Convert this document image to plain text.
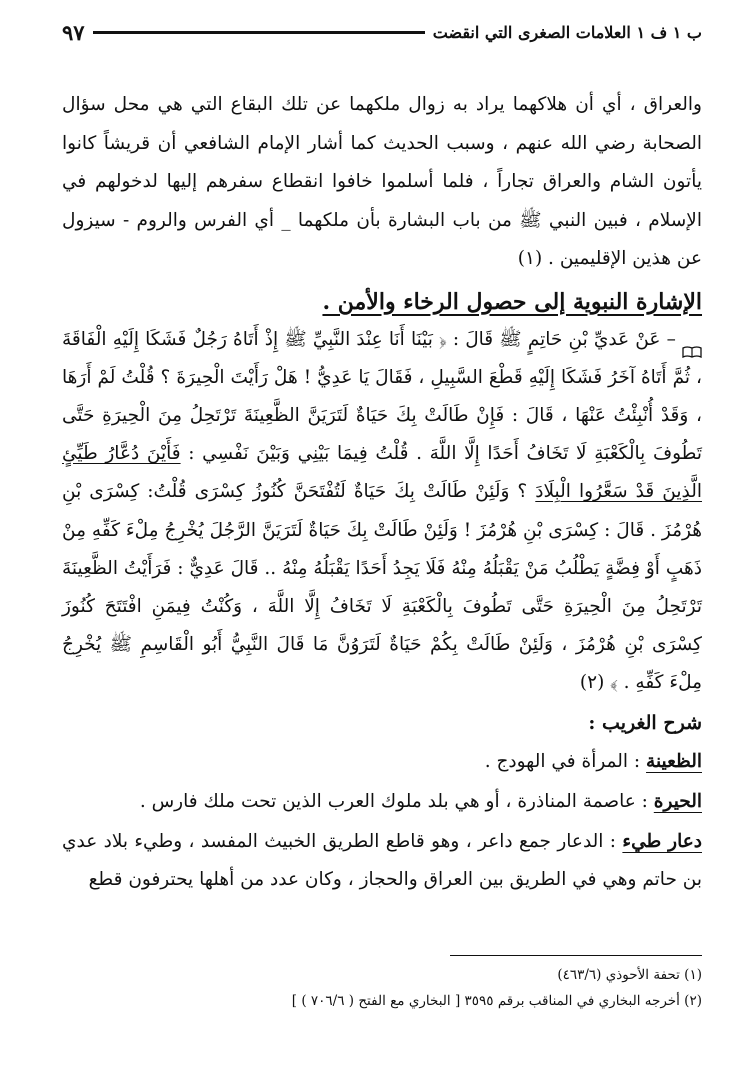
ب ١ ف ١ العلامات الصغرى التي انقضت
٩٧

والعراق ، أي أن هلاكهما يراد به زوال ملكهما عن تلك البقاع التي هي محل سؤال الصحابة رضي الله عنهم ، وسبب الحديث كما أشار الإمام الشافعي أن قريشاً كانوا يأتون الشام والعراق تجاراً ، فلما أسلموا خافوا انقطاع سفرهم إليها لدخولهم في الإسلام ، فبين النبي ﷺ من باب البشارة بأن ملكهما _ أي الفرس والروم - سيزول عن هذين الإقليمين . (١)

الإشارة النبوية إلى حصول الرخاء والأمن .

– عَنْ عَديِّ بْنِ حَاتِمٍ ﷺ قَالَ : ﴿ بَيْنَا أَنَا عِنْدَ النَّبِيِّ ﷺ إِذْ أَتَاهُ رَجُلٌ فَشَكَا إِلَيْهِ الْفَاقَةَ ، ثُمَّ أَتَاهُ آخَرُ فَشَكَا إِلَيْهِ قَطْعَ السَّبِيلِ ، فَقَالَ يَا عَدِيُّ ! هَلْ رَأَيْتَ الْحِيرَةَ ؟ قُلْتُ لَمْ أَرَهَا ، وَقَدْ أُنْبِئْتُ عَنْهَا ، قَالَ : فَإِنْ طَالَتْ بِكَ حَيَاةٌ لَتَرَيَنَّ الظَّعِينَةَ تَرْتَحِلُ مِنَ الْحِيرَةِ حَتَّى تَطُوفَ بِالْكَعْبَةِ لَا تَخَافُ أَحَدًا إِلَّا اللَّهَ . قُلْتُ فِيمَا بَيْنِي وَبَيْنَ نَفْسِي : فَأَيْنَ دُعَّارُ طَيِّئٍ الَّذِينَ قَدْ سَعَّرُوا الْبِلَادَ ؟ وَلَئِنْ طَالَتْ بِكَ حَيَاةٌ لَتُفْتَحَنَّ كُنُوزُ كِسْرَى قُلْتُ: كِسْرَى بْنِ هُرْمُزَ . قَالَ : كِسْرَى بْنِ هُرْمُزَ ! وَلَئِنْ طَالَتْ بِكَ حَيَاةٌ لَتَرَيَنَّ الرَّجُلَ يُخْرِجُ مِلْءَ كَفِّهِ مِنْ ذَهَبٍ أَوْ فِضَّةٍ يَطْلُبُ مَنْ يَقْبَلُهُ مِنْهُ فَلَا يَجِدُ أَحَدًا يَقْبَلُهُ مِنْهُ .. قَالَ عَدِيٌّ : فَرَأَيْتُ الظَّعِينَةَ تَرْتَحِلُ مِنَ الْحِيرَةِ حَتَّى تَطُوفَ بِالْكَعْبَةِ لَا تَخَافُ إِلَّا اللَّهَ ، وَكُنْتُ فِيمَنِ افْتَتَحَ كُنُوزَ كِسْرَى بْنِ هُرْمُزَ ، وَلَئِنْ طَالَتْ بِكُمْ حَيَاةٌ لَتَرَوُنَّ مَا قَالَ النَّبِيُّ أَبُو الْقَاسِمِ ﷺ يُخْرِجُ مِلْءَ كَفِّهِ . ﴾ (٢)

شرح الغريب :

الظعينة : المرأة في الهودج .

الحيرة : عاصمة المناذرة ، أو هي بلد ملوك العرب الذين تحت ملك فارس .

دعار طيء : الدعار جمع داعر ، وهو قاطع الطريق الخبيث المفسد ، وطيء بلاد عدي بن حاتم وهي في الطريق بين العراق والحجاز ، وكان عدد من أهلها يحترفون قطع

(١) تحفة الأحوذي (٤٦٣/٦)
(٢) أخرجه البخاري في المناقب برقم ٣٥٩٥ [ البخاري مع الفتح ( ٧٠٦/٦ ) ]
